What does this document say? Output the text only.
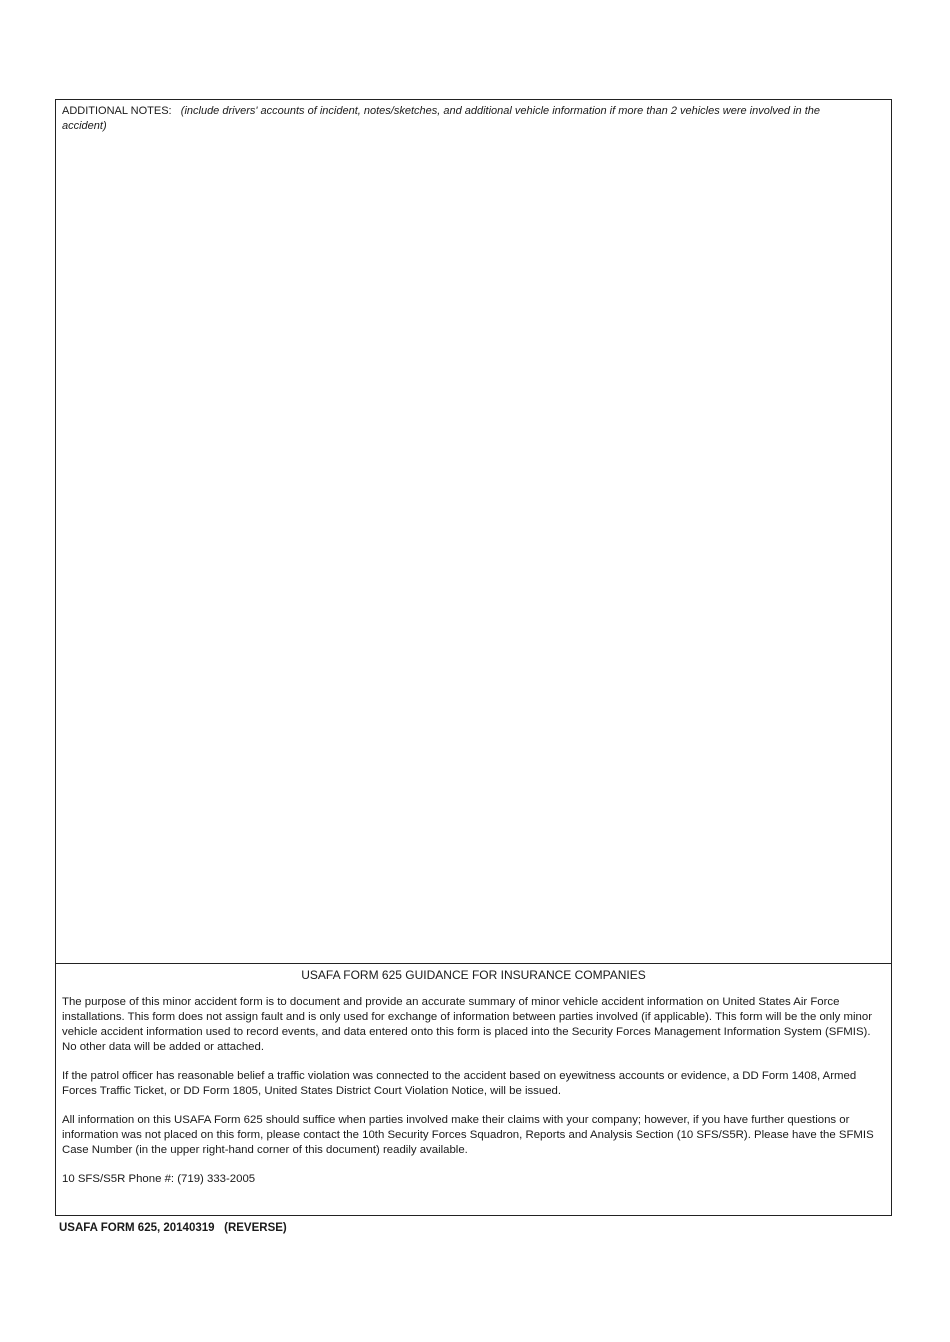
ADDITIONAL NOTES: (include drivers' accounts of incident, notes/sketches, and additional vehicle information if more than 2 vehicles were involved in the accident)
USAFA FORM 625 GUIDANCE FOR INSURANCE COMPANIES

The purpose of this minor accident form is to document and provide an accurate summary of minor vehicle accident information on United States Air Force installations. This form does not assign fault and is only used for exchange of information between parties involved (if applicable). This form will be the only minor vehicle accident information used to record events, and data entered onto this form is placed into the Security Forces Management Information System (SFMIS). No other data will be added or attached.

If the patrol officer has reasonable belief a traffic violation was connected to the accident based on eyewitness accounts or evidence, a DD Form 1408, Armed Forces Traffic Ticket, or DD Form 1805, United States District Court Violation Notice, will be issued.

All information on this USAFA Form 625 should suffice when parties involved make their claims with your company; however, if you have further questions or information was not placed on this form, please contact the 10th Security Forces Squadron, Reports and Analysis Section (10 SFS/S5R). Please have the SFMIS Case Number (in the upper right-hand corner of this document) readily available.

10 SFS/S5R Phone #: (719) 333-2005

USAFA FORM 625, 20140319   (REVERSE)
